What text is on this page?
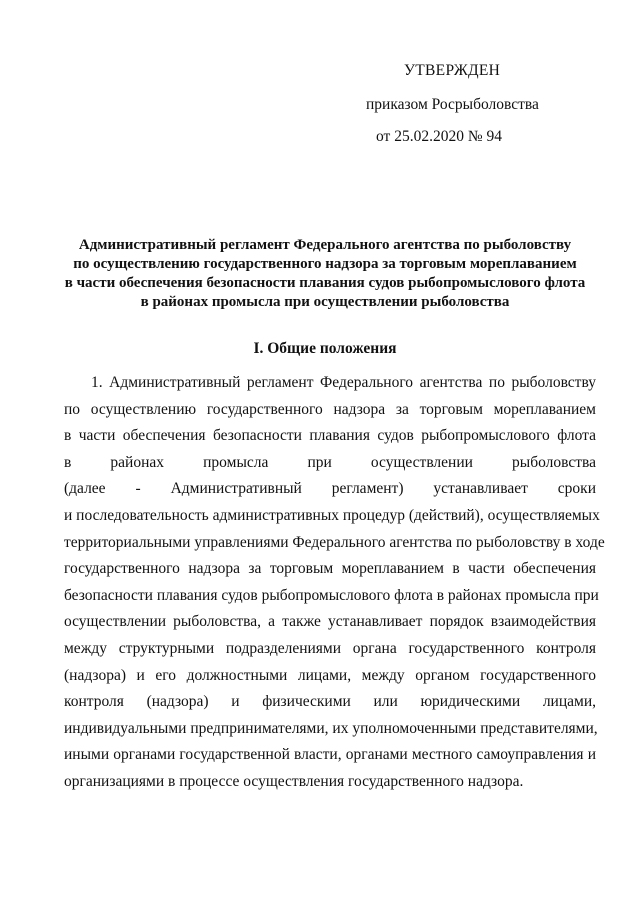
УТВЕРЖДЕН
приказом Росрыболовства
от 25.02.2020 № 94
Административный регламент Федерального агентства по рыболовству
по осуществлению государственного надзора за торговым мореплаванием
в части обеспечения безопасности плавания судов рыбопромыслового флота
в районах промысла при осуществлении рыболовства
I. Общие положения
1. Административный регламент Федерального агентства по рыболовству
по осуществлению государственного надзора за торговым мореплаванием
в части обеспечения безопасности плавания судов рыбопромыслового флота
в районах промысла при осуществлении рыболовства
(далее - Административный регламент) устанавливает сроки
и последовательность административных процедур (действий), осуществляемых
территориальными управлениями Федерального агентства по рыболовству в ходе
государственного надзора за торговым мореплаванием в части обеспечения
безопасности плавания судов рыбопромыслового флота в районах промысла при
осуществлении рыболовства, а также устанавливает порядок взаимодействия
между структурными подразделениями органа государственного контроля
(надзора) и его должностными лицами, между органом государственного
контроля (надзора) и физическими или юридическими лицами,
индивидуальными предпринимателями, их уполномоченными представителями,
иными органами государственной власти, органами местного самоуправления и
организациями в процессе осуществления государственного надзора.
